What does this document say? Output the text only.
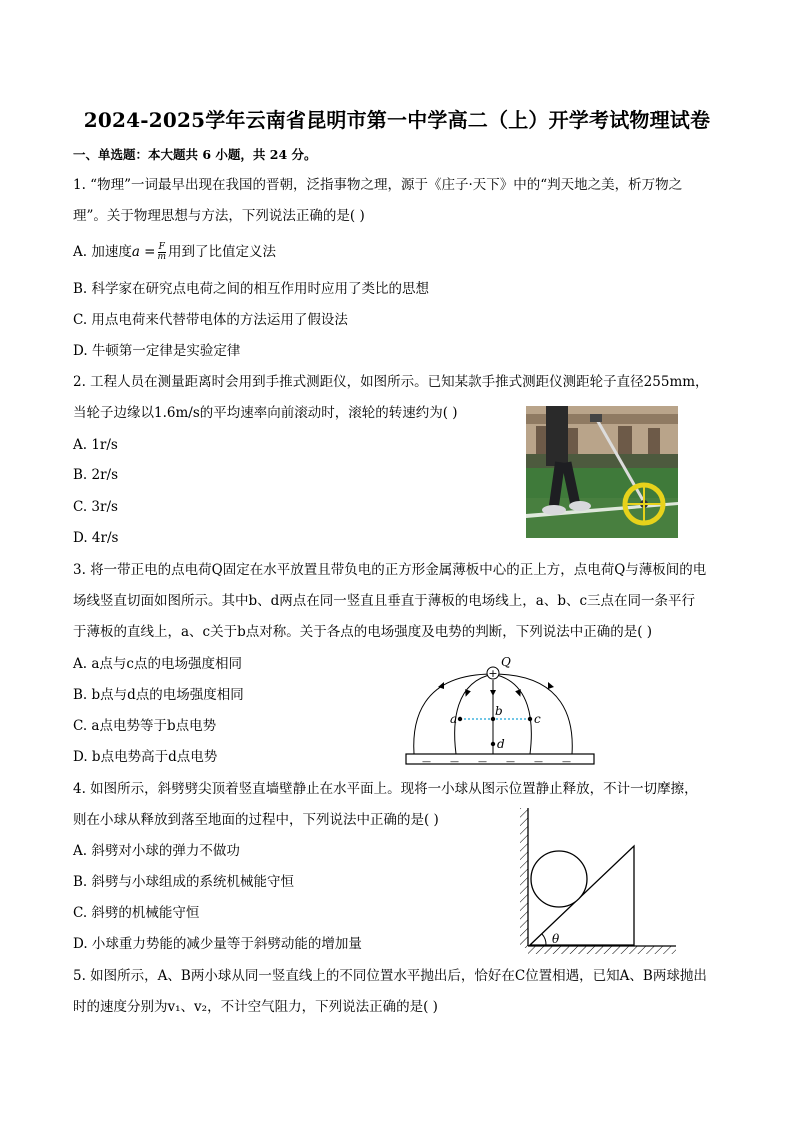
2024-2025学年云南省昆明市第一中学高二（上）开学考试物理试卷
一、单选题：本大题共 6 小题，共 24 分。
1. “物理”一词最早出现在我国的晋朝，泛指事物之理，源于《庄子·天下》中的“判天地之美，析万物之
理”。关于物理思想与方法，下列说法正确的是( )
A. 加速度$a = \frac{F}{m}$ 用到了比值定义法
B. 科学家在研究点电荷之间的相互作用时应用了类比的思想
C. 用点电荷来代替带电体的方法运用了假设法
D. 牛顿第一定律是实验定律
2. 工程人员在测量距离时会用到手推式测距仪，如图所示。已知某款手推式测距仪测距轮子直径255mm，
当轮子边缘以1.6m/s的平均速率向前滚动时，滚轮的转速约为( )
A. 1r/s
B. 2r/s
C. 3r/s
D. 4r/s
3. 将一带正电的点电荷Q固定在水平放置且带负电的正方形金属薄板中心的正上方，点电荷Q与薄板间的电
场线竖直切面如图所示。其中b、d两点在同一竖直且垂直于薄板的电场线上，a、b、c三点在同一条平行
于薄板的直线上，a、c关于b点对称。关于各点的电场强度及电势的判断，下列说法中正确的是( )
A. a点与c点的电场强度相同
B. b点与d点的电场强度相同
C. a点电势等于b点电势
D. b点电势高于d点电势
+
Q
a
b
c
d
— — — — — —
4. 如图所示，斜劈劈尖顶着竖直墙壁静止在水平面上。现将一小球从图示位置静止释放，不计一切摩擦，
则在小球从释放到落至地面的过程中，下列说法中正确的是( )
A. 斜劈对小球的弹力不做功
B. 斜劈与小球组成的系统机械能守恒
C. 斜劈的机械能守恒
D. 小球重力势能的减少量等于斜劈动能的增加量	θ
5. 如图所示，A、B两小球从同一竖直线上的不同位置水平抛出后，恰好在C位置相遇，已知A、B两球抛出
时的速度分别为v₁、v₂，不计空气阻力，下列说法正确的是( )
